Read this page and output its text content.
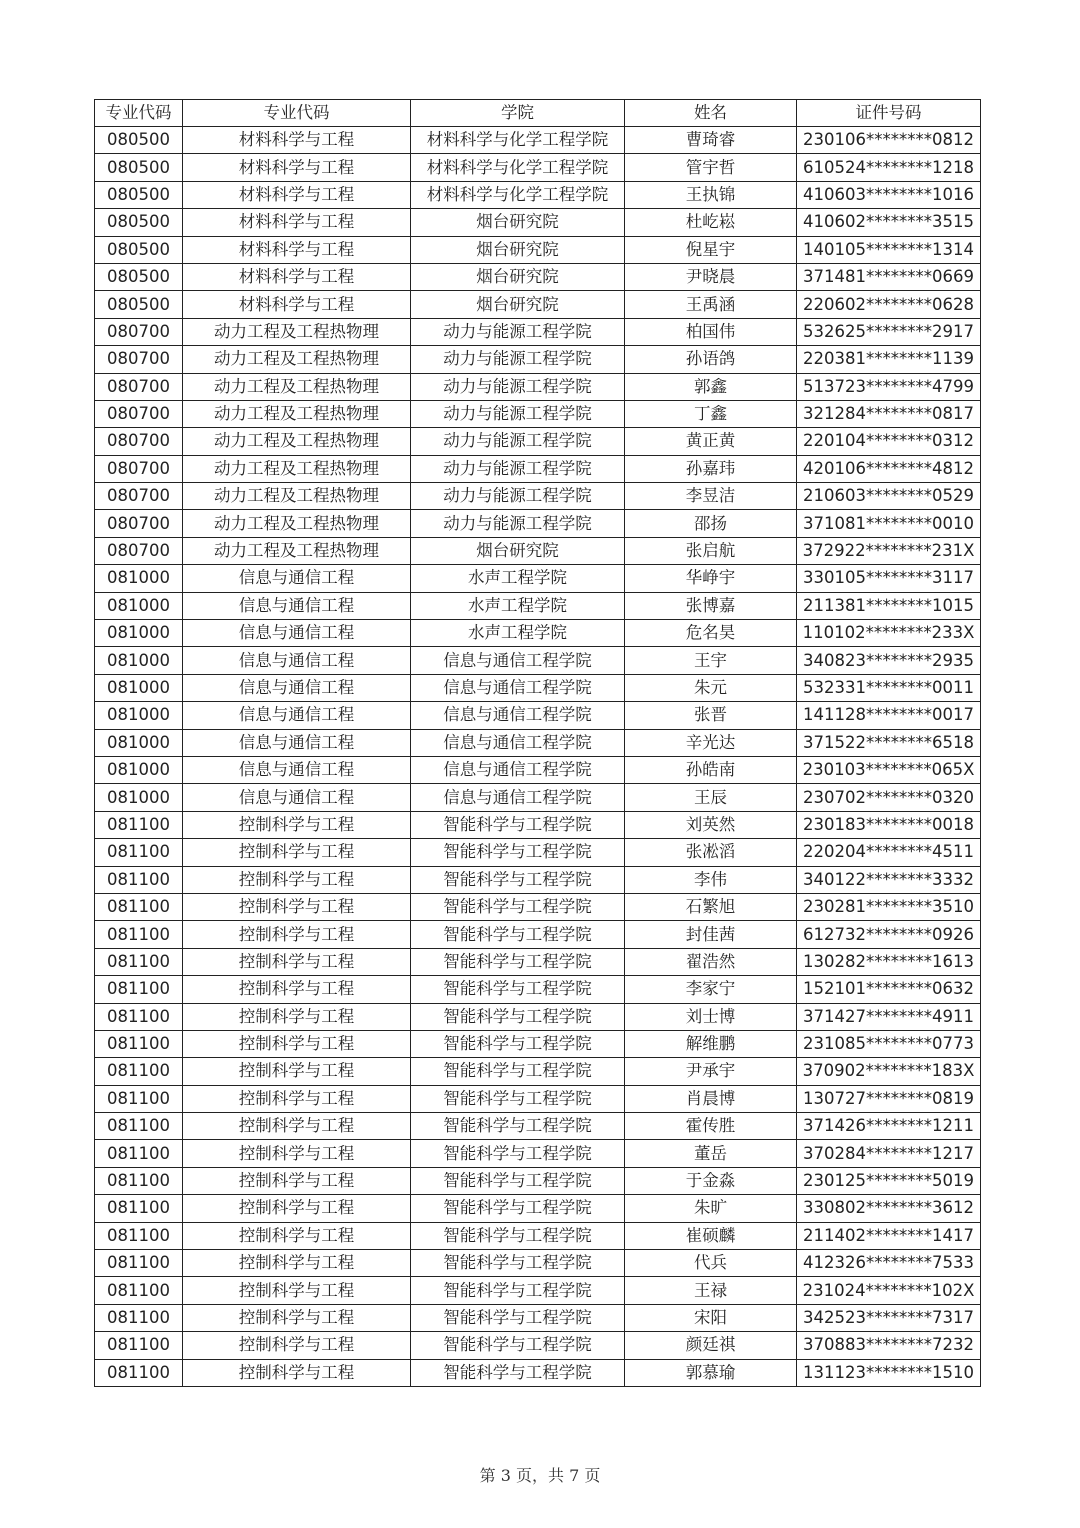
专业代码	专业代码	学院	姓名	证件号码
080500	材料科学与工程	材料科学与化学工程学院	曹琦睿	230106********0812
080500	材料科学与工程	材料科学与化学工程学院	管宇哲	610524********1218
080500	材料科学与工程	材料科学与化学工程学院	王执锦	410603********1016
080500	材料科学与工程	烟台研究院	杜屹崧	410602********3515
080500	材料科学与工程	烟台研究院	倪星宇	140105********1314
080500	材料科学与工程	烟台研究院	尹晓晨	371481********0669
080500	材料科学与工程	烟台研究院	王禹涵	220602********0628
080700	动力工程及工程热物理	动力与能源工程学院	柏国伟	532625********2917
080700	动力工程及工程热物理	动力与能源工程学院	孙语鸽	220381********1139
080700	动力工程及工程热物理	动力与能源工程学院	郭鑫	513723********4799
080700	动力工程及工程热物理	动力与能源工程学院	丁鑫	321284********0817
080700	动力工程及工程热物理	动力与能源工程学院	黄正黄	220104********0312
080700	动力工程及工程热物理	动力与能源工程学院	孙嘉玮	420106********4812
080700	动力工程及工程热物理	动力与能源工程学院	李昱洁	210603********0529
080700	动力工程及工程热物理	动力与能源工程学院	邵扬	371081********0010
080700	动力工程及工程热物理	烟台研究院	张启航	372922********231X
081000	信息与通信工程	水声工程学院	华峥宇	330105********3117
081000	信息与通信工程	水声工程学院	张博嘉	211381********1015
081000	信息与通信工程	水声工程学院	危名昊	110102********233X
081000	信息与通信工程	信息与通信工程学院	王宇	340823********2935
081000	信息与通信工程	信息与通信工程学院	朱元	532331********0011
081000	信息与通信工程	信息与通信工程学院	张晋	141128********0017
081000	信息与通信工程	信息与通信工程学院	辛光达	371522********6518
081000	信息与通信工程	信息与通信工程学院	孙皓南	230103********065X
081000	信息与通信工程	信息与通信工程学院	王辰	230702********0320
081100	控制科学与工程	智能科学与工程学院	刘英然	230183********0018
081100	控制科学与工程	智能科学与工程学院	张凇滔	220204********4511
081100	控制科学与工程	智能科学与工程学院	李伟	340122********3332
081100	控制科学与工程	智能科学与工程学院	石繁旭	230281********3510
081100	控制科学与工程	智能科学与工程学院	封佳茜	612732********0926
081100	控制科学与工程	智能科学与工程学院	翟浩然	130282********1613
081100	控制科学与工程	智能科学与工程学院	李家宁	152101********0632
081100	控制科学与工程	智能科学与工程学院	刘士博	371427********4911
081100	控制科学与工程	智能科学与工程学院	解维鹏	231085********0773
081100	控制科学与工程	智能科学与工程学院	尹承宇	370902********183X
081100	控制科学与工程	智能科学与工程学院	肖晨博	130727********0819
081100	控制科学与工程	智能科学与工程学院	霍传胜	371426********1211
081100	控制科学与工程	智能科学与工程学院	董岳	370284********1217
081100	控制科学与工程	智能科学与工程学院	于金淼	230125********5019
081100	控制科学与工程	智能科学与工程学院	朱旷	330802********3612
081100	控制科学与工程	智能科学与工程学院	崔硕麟	211402********1417
081100	控制科学与工程	智能科学与工程学院	代兵	412326********7533
081100	控制科学与工程	智能科学与工程学院	王禄	231024********102X
081100	控制科学与工程	智能科学与工程学院	宋阳	342523********7317
081100	控制科学与工程	智能科学与工程学院	颜廷祺	370883********7232
081100	控制科学与工程	智能科学与工程学院	郭慕瑜	131123********1510
第 3 页，共 7 页
